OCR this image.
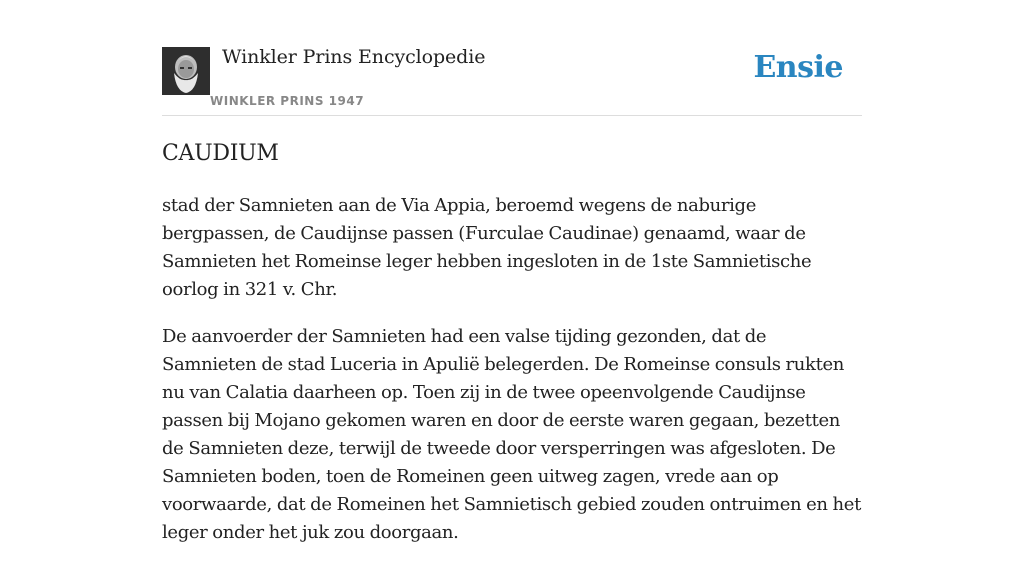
Winkler Prins Encyclopedie
WINKLER PRINS 1947
Ensie
CAUDIUM

stad der Samnieten aan de Via Appia, beroemd wegens de naburige bergpassen, de Caudijnse passen (Furculae Caudinae) genaamd, waar de Samnieten het Romeinse leger hebben ingesloten in de 1ste Samnietische oorlog in 321 v. Chr.

De aanvoerder der Samnieten had een valse tijding gezonden, dat de Samnieten de stad Luceria in Apulië belegerden. De Romeinse consuls rukten nu van Calatia daarheen op. Toen zij in de twee opeenvolgende Caudijnse passen bij Mojano gekomen waren en door de eerste waren gegaan, bezetten de Samnieten deze, terwijl de tweede door versperringen was afgesloten. De Samnieten boden, toen de Romeinen geen uitweg zagen, vrede aan op voorwaarde, dat de Romeinen het Samnietisch gebied zouden ontruimen en het leger onder het juk zou doorgaan.
